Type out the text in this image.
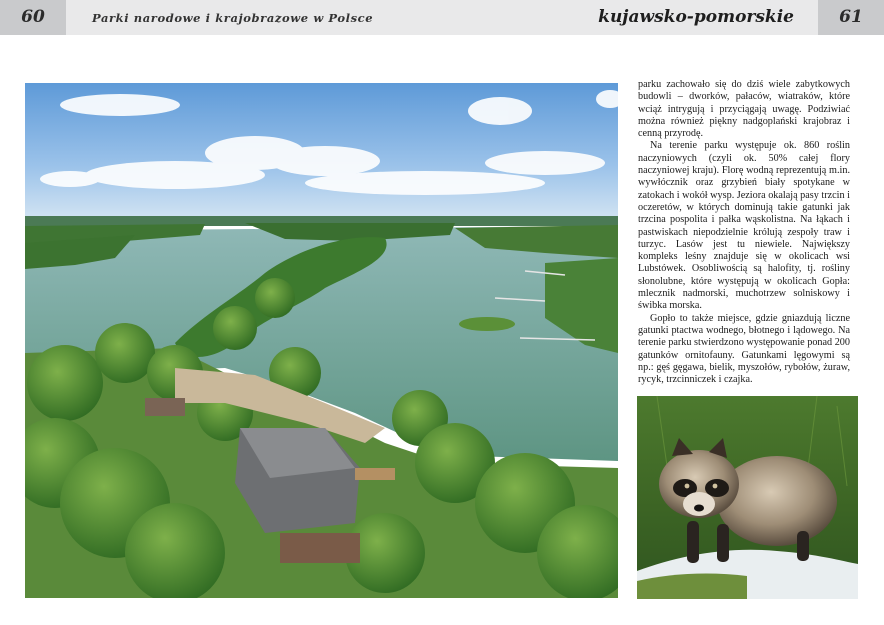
60	Parki narodowe i krajobrazowe w Polsce	kujawsko-pomorskie	61

parku zachowało się do dziś wiele zabytkowych budowli – dworków, pałaców, wiatraków, które wciąż intrygują i przyciągają uwagę. Podziwiać można również piękny nadgoplański krajobraz i cenną przyrodę.

Na terenie parku występuje ok. 860 roślin naczyniowych (czyli ok. 50% całej flory naczyniowej kraju). Florę wodną reprezentują m.in. wywłócznik oraz grzybień biały spotykane w zatokach i wokół wysp. Jeziora okalają pasy trzcin i oczeretów, w których dominują takie gatunki jak trzcina pospolita i pałka wąskolistna. Na łąkach i pastwiskach niepodzielnie królują zespoły traw i turzyc. Lasów jest tu niewiele. Największy kompleks leśny znajduje się w okolicach wsi Lubstówek. Osobliwością są halofity, tj. rośliny słonolubne, które występują w okolicach Gopła: mlecznik nadmorski, muchotrzew solniskowy i świbka morska.

Gopło to także miejsce, gdzie gniazdują liczne gatunki ptactwa wodnego, błotnego i lądowego. Na terenie parku stwierdzono występowanie ponad 200 gatunków ornitofauny. Gatunkami lęgowymi są np.: gęś gęgawa, bielik, myszołów, rybołów, żuraw, rycyk, trzcinniczek i czajka.
